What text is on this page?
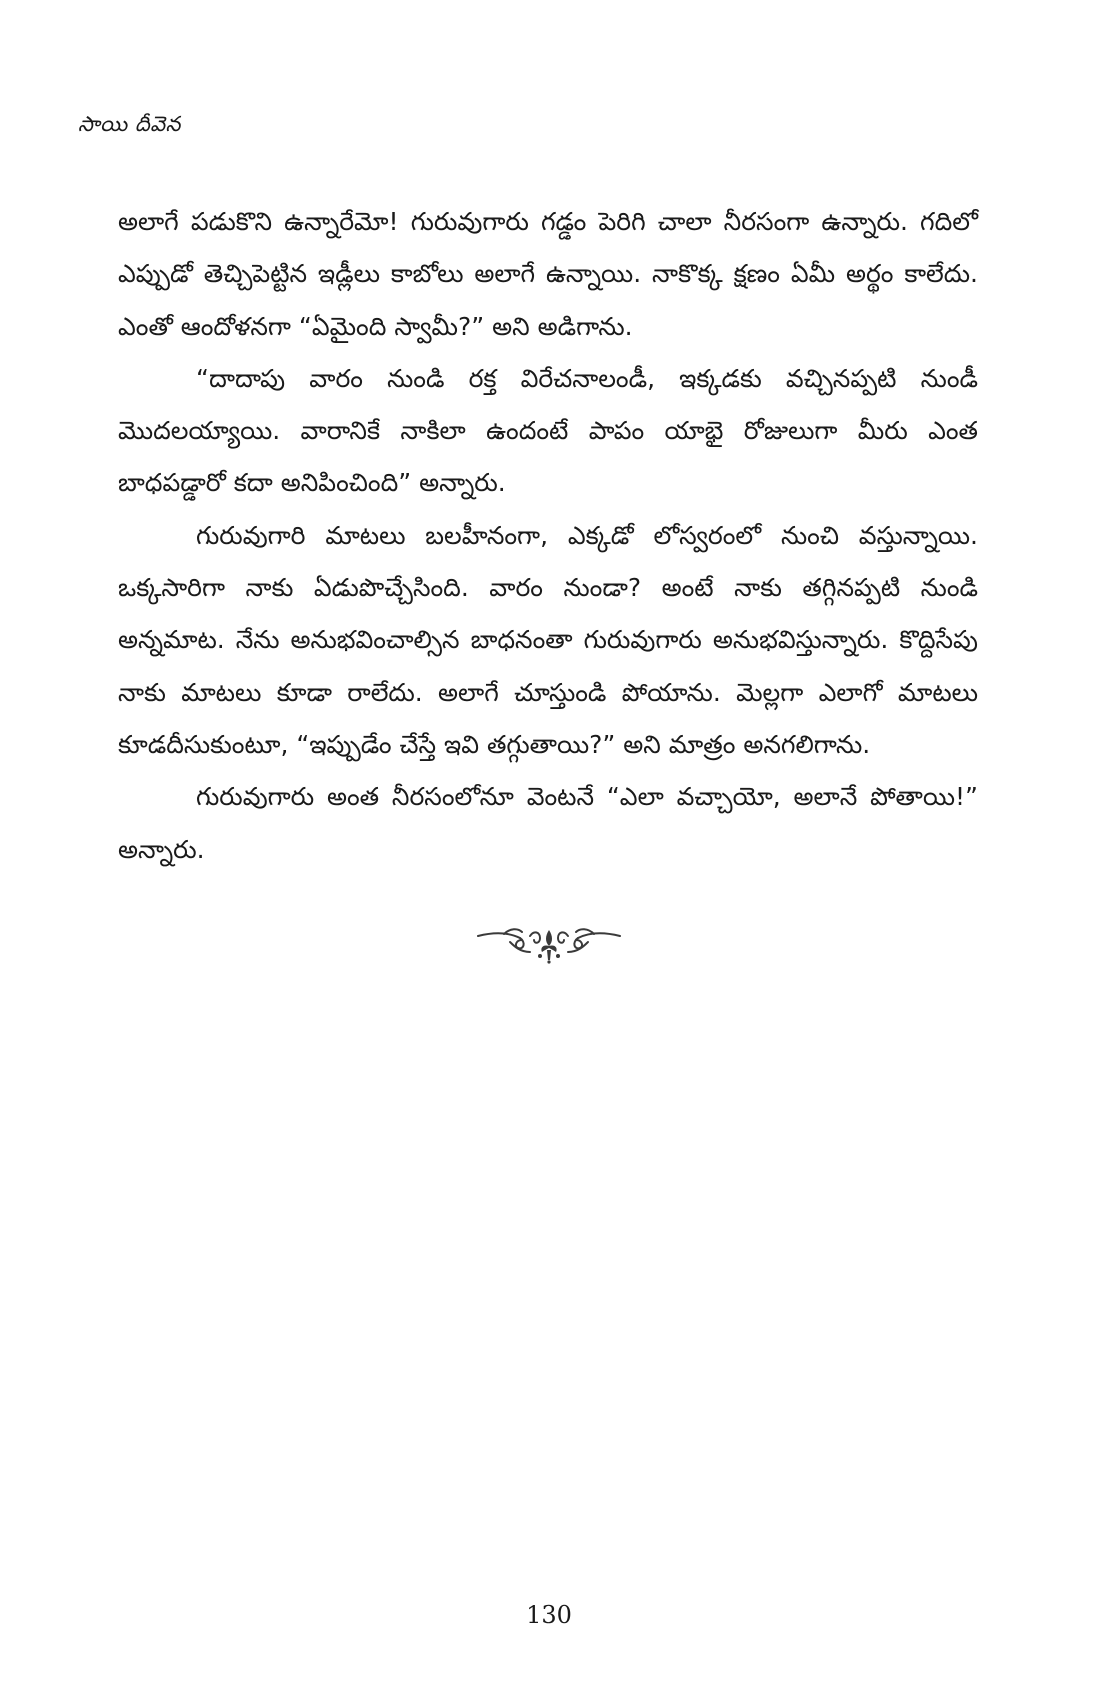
సాయి దీవెన

అలాగే పడుకొని ఉన్నారేమో! గురువుగారు గడ్డం పెరిగి చాలా నీరసంగా ఉన్నారు. గదిలో ఎప్పుడో తెచ్చిపెట్టిన ఇడ్లీలు కాబోలు అలాగే ఉన్నాయి. నాకొక్క క్షణం ఏమీ అర్థం కాలేదు. ఎంతో ఆందోళనగా “ఏమైంది స్వామీ?” అని అడిగాను.

“దాదాపు వారం నుండి రక్త విరేచనాలండీ, ఇక్కడకు వచ్చినప్పటి నుండీ మొదలయ్యాయి. వారానికే నాకిలా ఉందంటే పాపం యాభై రోజులుగా మీరు ఎంత బాధపడ్డారో కదా అనిపించింది” అన్నారు.

గురువుగారి మాటలు బలహీనంగా, ఎక్కడో లోస్వరంలో నుంచి వస్తున్నాయి. ఒక్కసారిగా నాకు ఏడుపొచ్చేసింది. వారం నుండా? అంటే నాకు తగ్గినప్పటి నుండి అన్నమాట. నేను అనుభవించాల్సిన బాధనంతా గురువుగారు అనుభవిస్తున్నారు. కొద్దిసేపు నాకు మాటలు కూడా రాలేదు. అలాగే చూస్తుండి పోయాను. మెల్లగా ఎలాగో మాటలు కూడదీసుకుంటూ, “ఇప్పుడేం చేస్తే ఇవి తగ్గుతాయి?” అని మాత్రం అనగలిగాను.

గురువుగారు అంత నీరసంలోనూ వెంటనే “ఎలా వచ్చాయో, అలానే పోతాయి!” అన్నారు.

130
